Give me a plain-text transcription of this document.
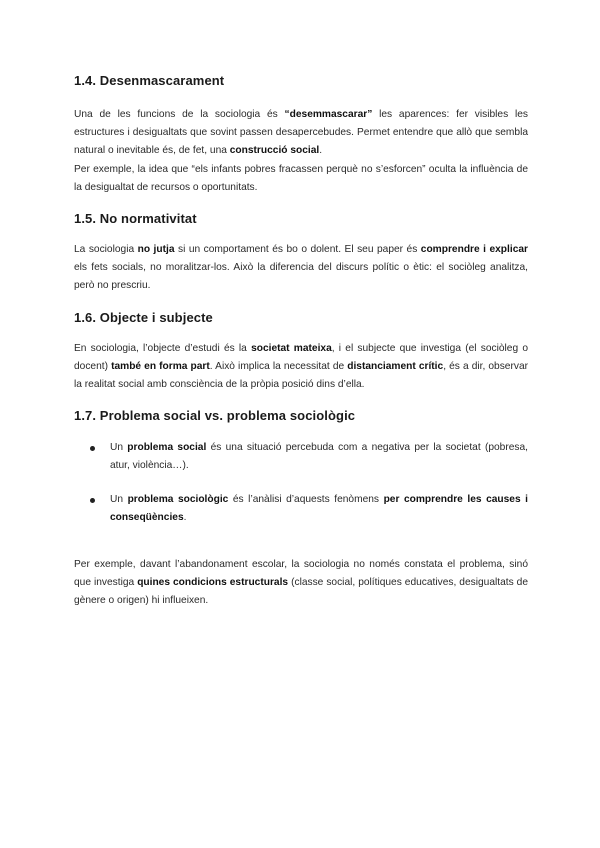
1.4. Desenmascarament

Una de les funcions de la sociologia és “desemmascarar” les aparences: fer visibles les estructures i desigualtats que sovint passen desapercebudes. Permet entendre que allò que sembla natural o inevitable és, de fet, una construcció social.

Per exemple, la idea que “els infants pobres fracassen perquè no s’esforcen” oculta la influència de la desigualtat de recursos o oportunitats.

1.5. No normativitat

La sociologia no jutja si un comportament és bo o dolent. El seu paper és comprendre i explicar els fets socials, no moralitzar-los. Això la diferencia del discurs polític o ètic: el sociòleg analitza, però no prescriu.

1.6. Objecte i subjecte

En sociologia, l’objecte d’estudi és la societat mateixa, i el subjecte que investiga (el sociòleg o docent) també en forma part. Això implica la necessitat de distanciament crític, és a dir, observar la realitat social amb consciència de la pròpia posició dins d’ella.

1.7. Problema social vs. problema sociològic
Un problema social és una situació percebuda com a negativa per la societat (pobresa, atur, violència…).
Un problema sociològic és l’anàlisi d’aquests fenòmens per comprendre les causes i conseqüències.

Per exemple, davant l’abandonament escolar, la sociologia no només constata el problema, sinó que investiga quines condicions estructurals (classe social, polítiques educatives, desigualtats de gènere o origen) hi influeixen.
